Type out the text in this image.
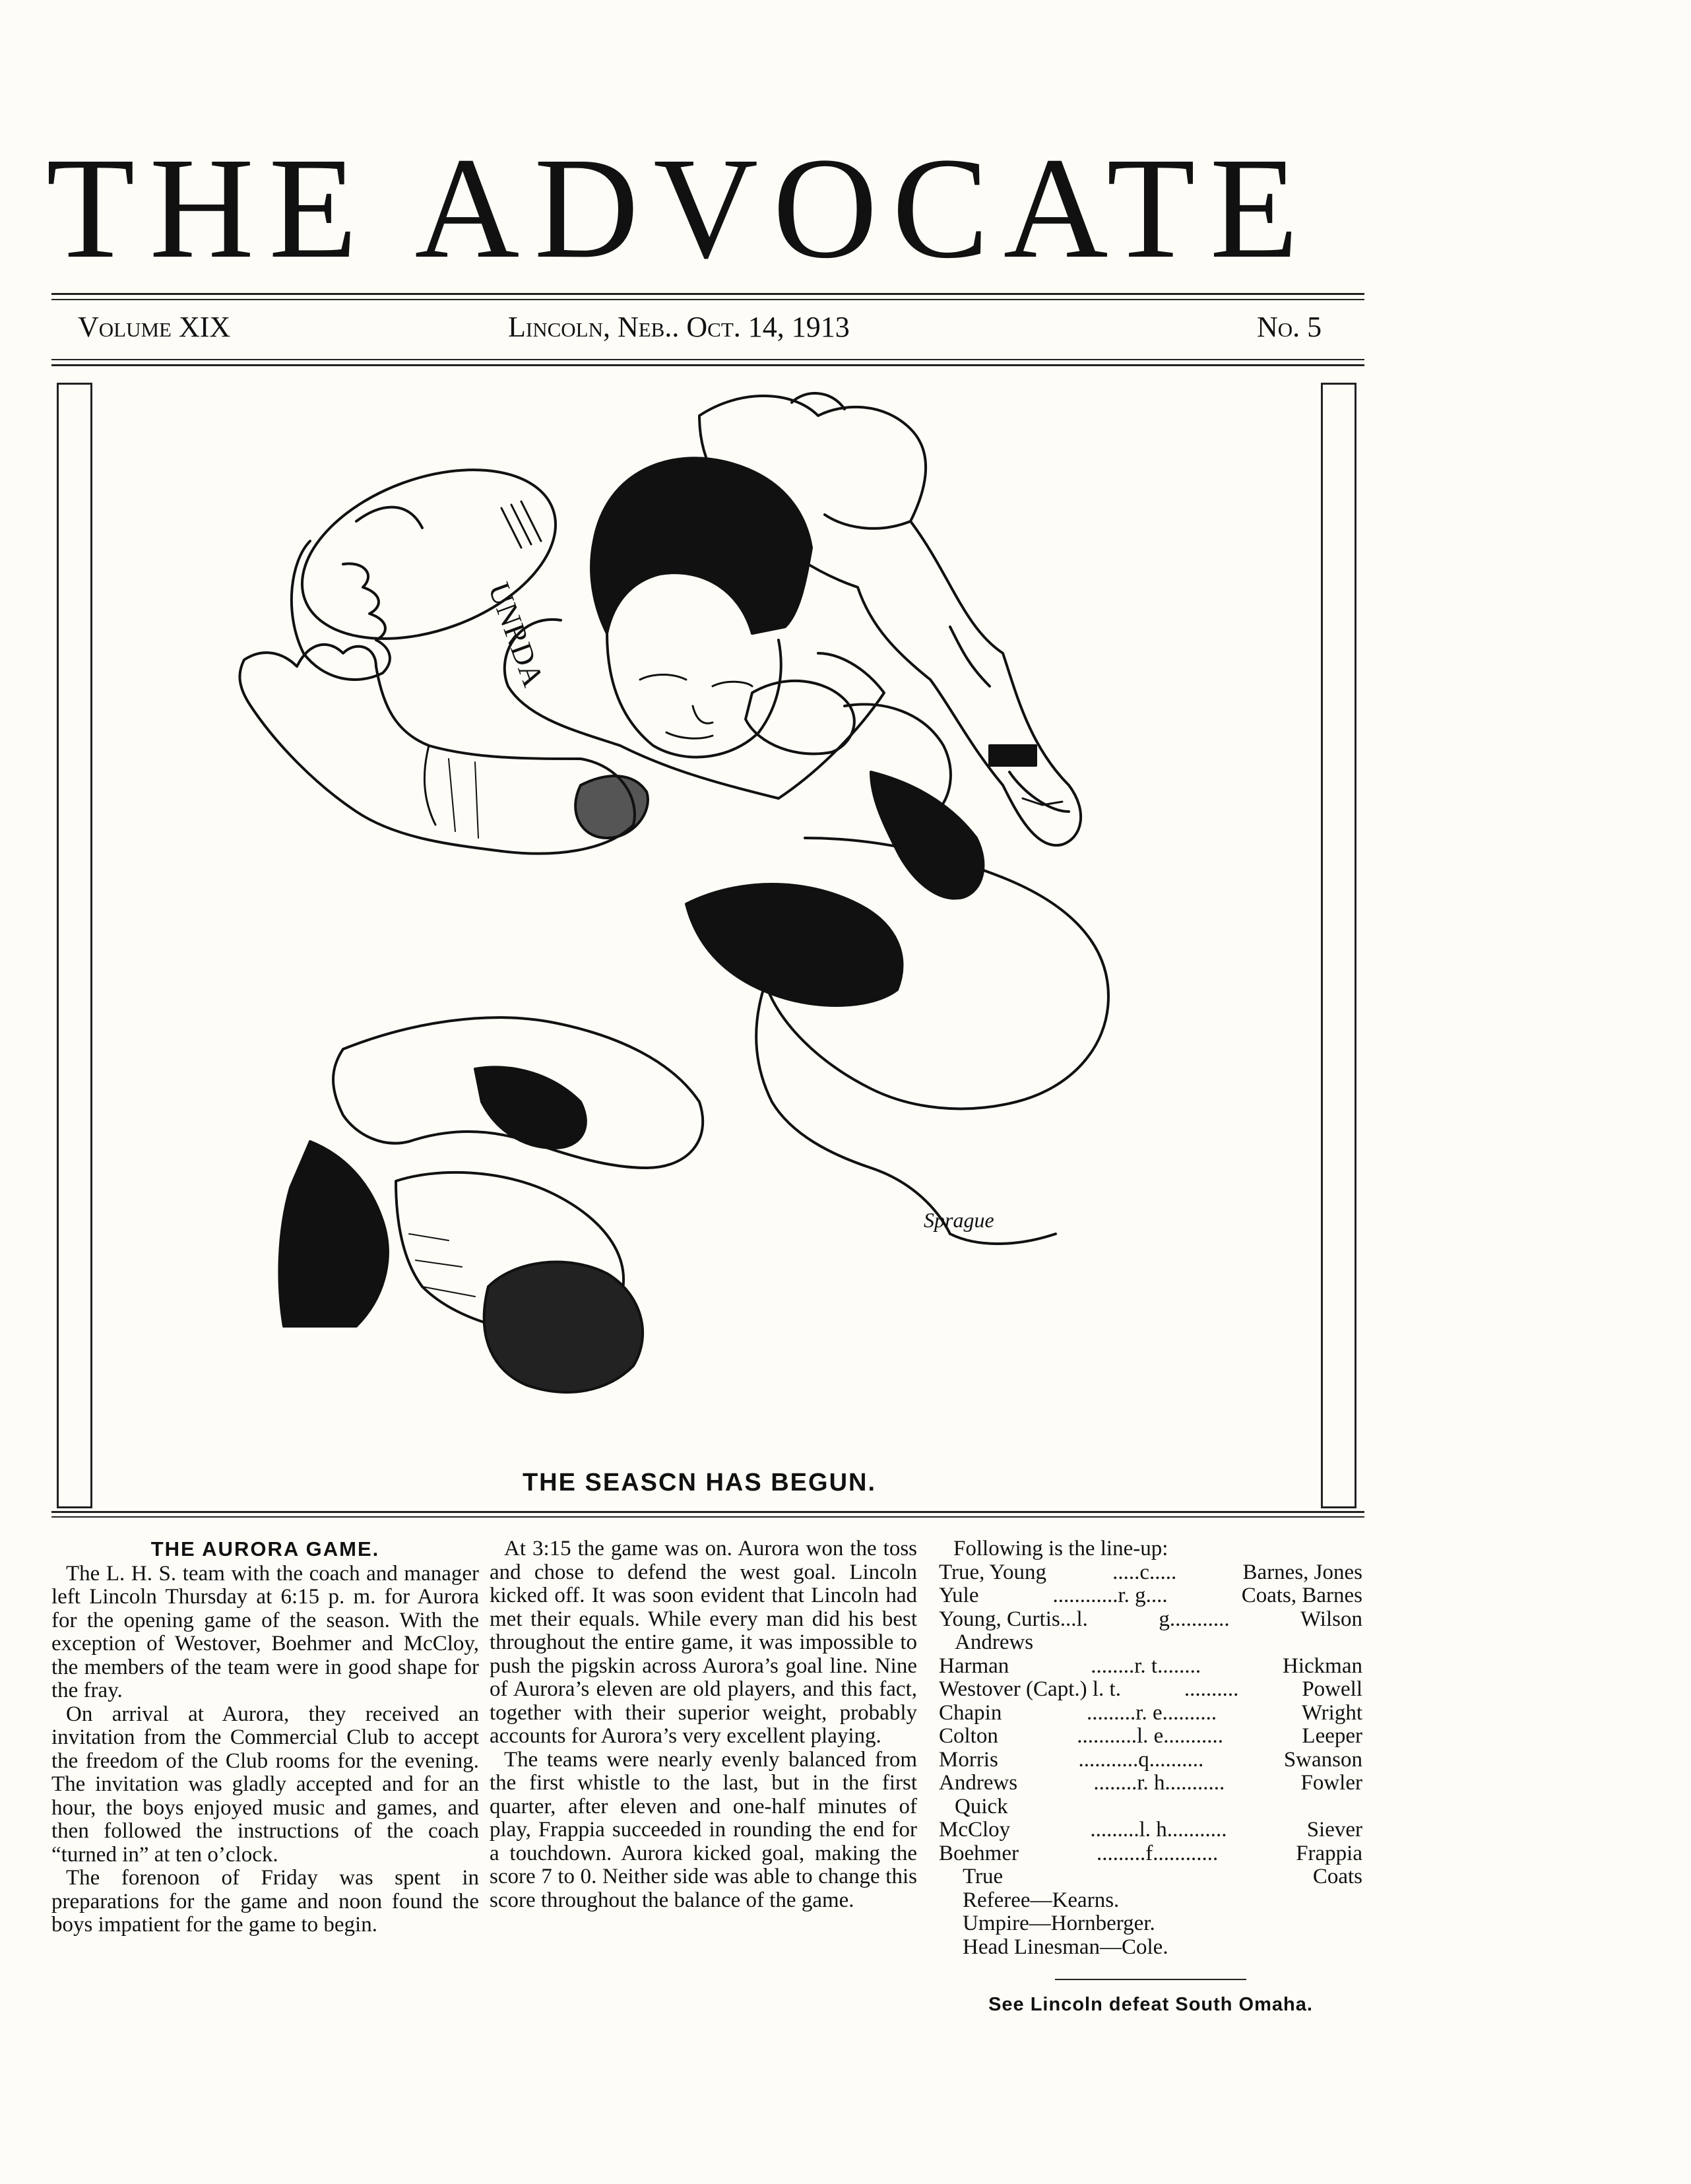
THE ADVOCATE
Volume XIX	Lincoln, Neb.. Oct. 14, 1913	No. 5
UNRDA
Sprague
THE SEASCN HAS BEGUN.
THE AURORA GAME.

The L. H. S. team with the coach and manager left Lincoln Thursday at 6:15 p. m. for Aurora for the opening game of the season. With the exception of Westover, Boehmer and McCloy, the members of the team were in good shape for the fray.

On arrival at Aurora, they received an invitation from the Commercial Club to accept the freedom of the Club rooms for the evening. The invitation was gladly accepted and for an hour, the boys enjoyed music and games, and then followed the instructions of the coach “turned in” at ten o’clock.

The forenoon of Friday was spent in preparations for the game and noon found the boys impatient for the game to begin.

At 3:15 the game was on. Aurora won the toss and chose to defend the west goal. Lincoln kicked off. It was soon evident that Lincoln had met their equals. While every man did his best throughout the entire game, it was impossible to push the pigskin across Aurora’s goal line. Nine of Aurora’s eleven are old players, and this fact, together with their superior weight, probably accounts for Aurora’s very excellent playing.

The teams were nearly evenly balanced from the first whistle to the last, but in the first quarter, after eleven and one-half minutes of play, Frappia succeeded in rounding the end for a touchdown. Aurora kicked goal, making the score 7 to 0. Neither side was able to change this score throughout the balance of the game.

Following is the line-up:

True, Young	.....c.....	Barnes, Jones
Yule	............r. g....	Coats, Barnes
Young, Curtis...l.	g...........	Wilson
Andrews
Harman	........r. t........	Hickman
Westover (Capt.) l. t.	..........	Powell
Chapin	.........r. e..........	Wright
Colton	...........l. e...........	Leeper
Morris	...........q..........	Swanson
Andrews	........r. h...........	Fowler
Quick
McCloy	.........l. h...........	Siever
Boehmer	.........f............	Frappia
True	Coats
Referee—Kearns.
Umpire—Hornberger.
Head Linesman—Cole.
See Lincoln defeat South Omaha.
